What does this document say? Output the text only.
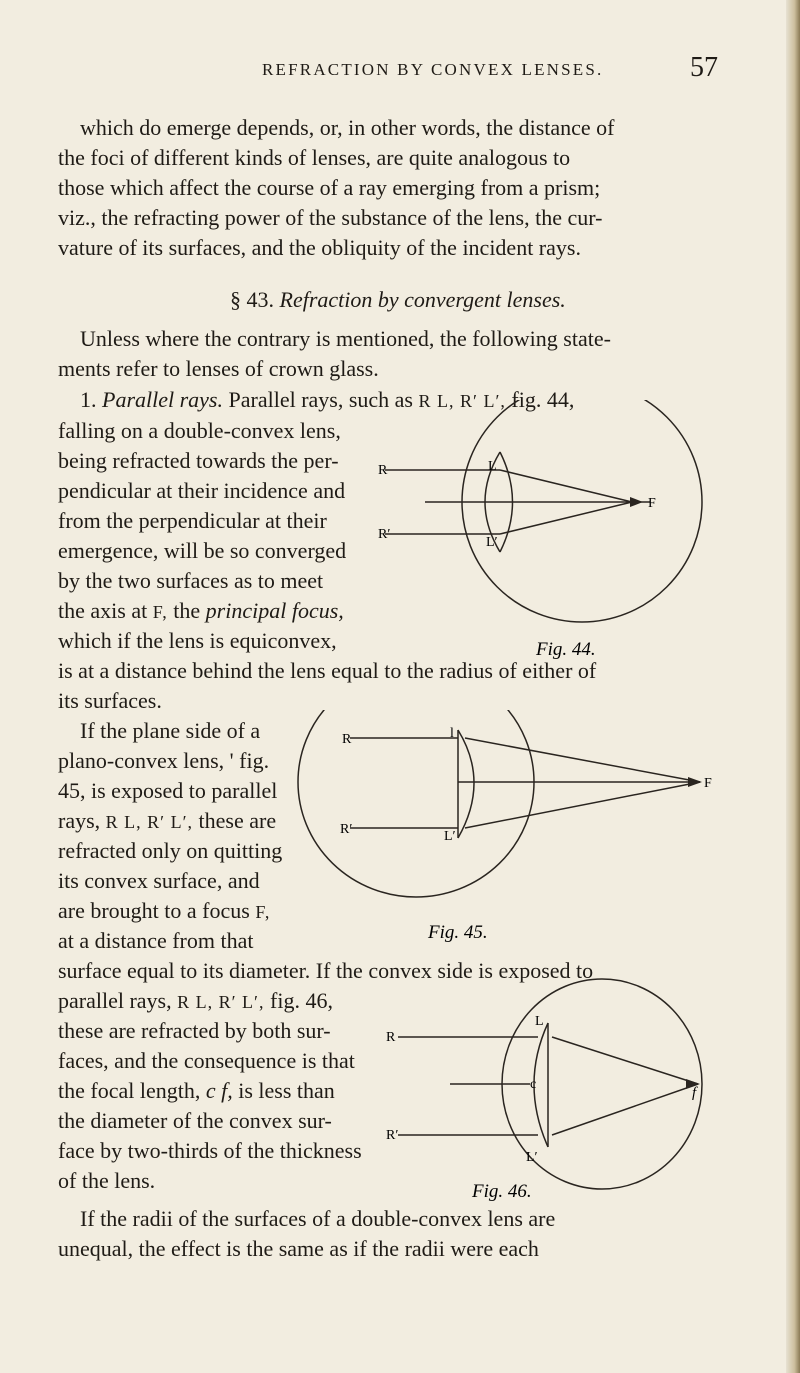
REFRACTION BY CONVEX LENSES.	57
which do emerge depends, or, in other words, the distance of
the foci of different kinds of lenses, are quite analogous to
those which affect the course of a ray emerging from a prism;
viz., the refracting power of the substance of the lens, the cur-
vature of its surfaces, and the obliquity of the incident rays.
§ 43. Refraction by convergent lenses.
Unless where the contrary is mentioned, the following state-
ments refer to lenses of crown glass.
1. Parallel rays. Parallel rays, such as R L, R′ L′, fig. 44,
falling on a double-convex lens,
being refracted towards the per-
pendicular at their incidence and
from the perpendicular at their
emergence, will be so converged
by the two surfaces as to meet
the axis at F, the principal focus,
which if the lens is equiconvex,
is at a distance behind the lens equal to the radius of either of
its surfaces.
If the plane side of a
plano-convex lens, ' fig.
45, is exposed to parallel
rays, R L, R′ L′, these are
refracted only on quitting
its convex surface, and
are brought to a focus F,
at a distance from that
surface equal to its diameter. If the convex side is exposed to
parallel rays, R L, R′ L′, fig. 46,
these are refracted by both sur-
faces, and the consequence is that
the focal length, c f, is less than
the diameter of the convex sur-
face by two-thirds of the thickness
of the lens.
If the radii of the surfaces of a double-convex lens are
unequal, the effect is the same as if the radii were each
R
R′
L
L′
F
Fig. 44.
R
R′
l
L′
F
Fig. 45.
R
R′
L
L′
c
f
Fig. 46.
